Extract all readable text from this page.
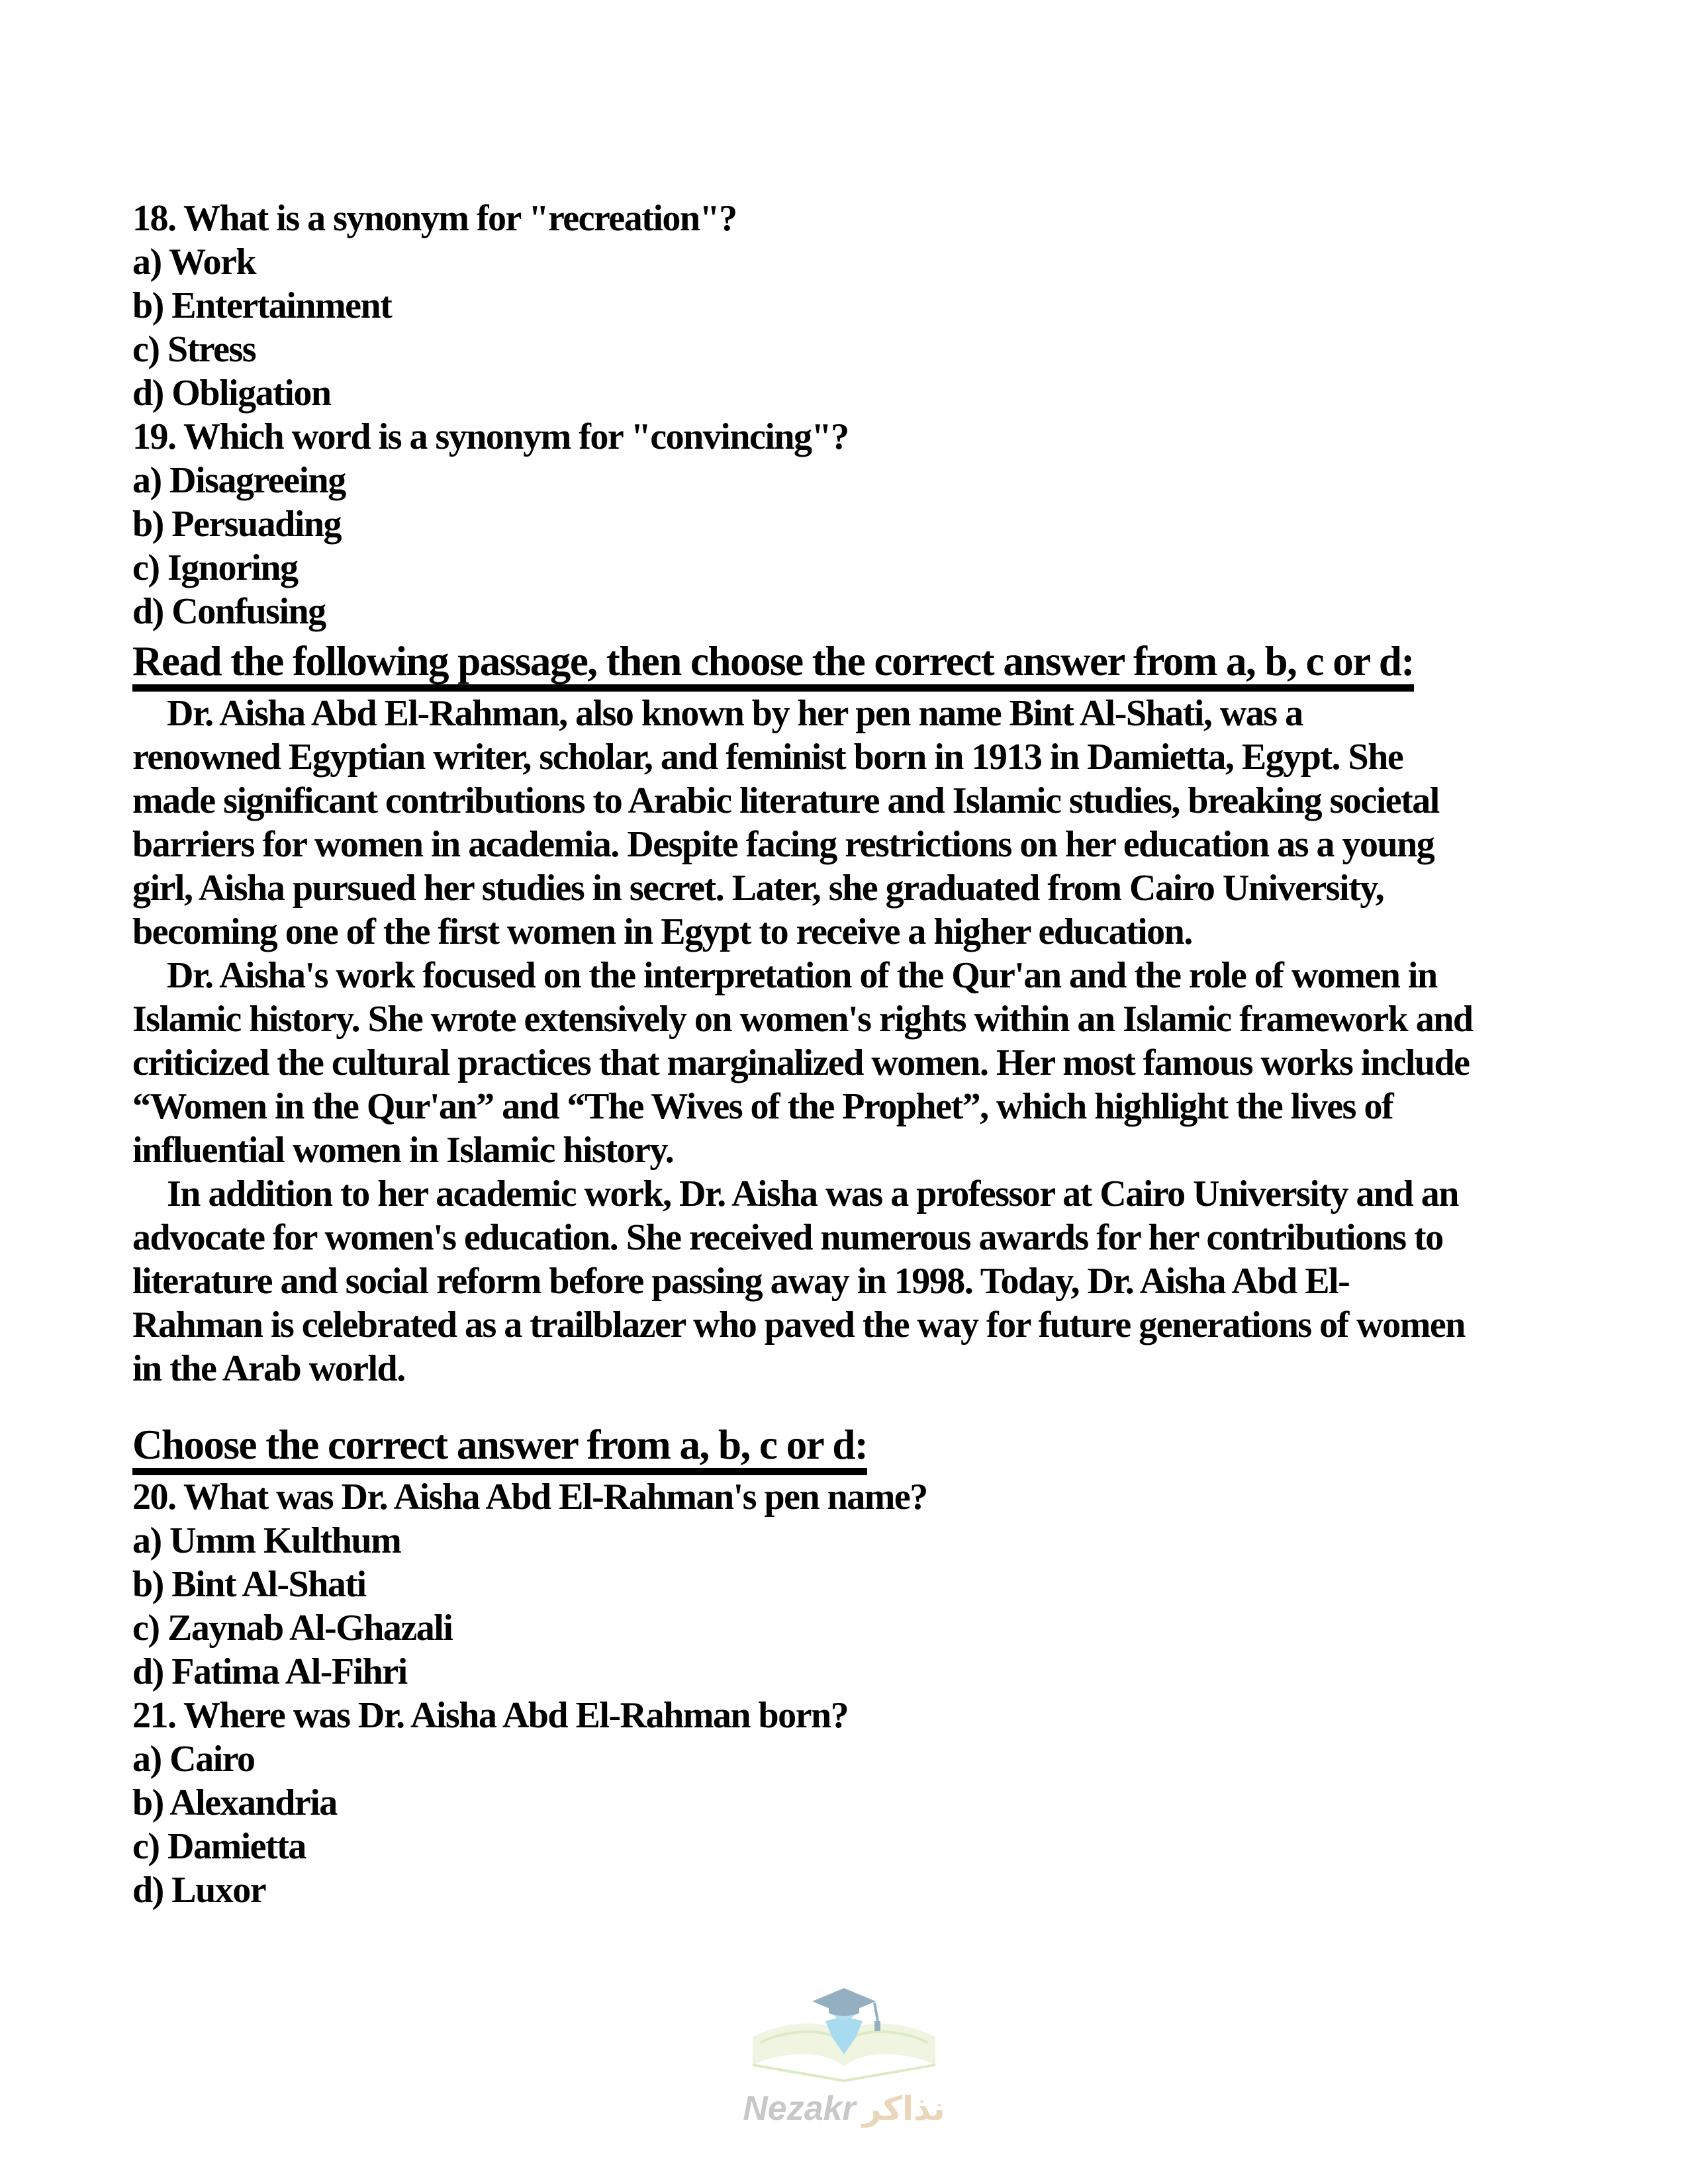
18. What is a synonym for "recreation"?
a) Work
b) Entertainment
c) Stress
d) Obligation
19. Which word is a synonym for "convincing"?
a) Disagreeing
b) Persuading
c) Ignoring
d) Confusing
Read the following passage, then choose the correct answer from a, b, c or d:
Dr. Aisha Abd El-Rahman, also known by her pen name Bint Al-Shati, was a
renowned Egyptian writer, scholar, and feminist born in 1913 in Damietta, Egypt. She
made significant contributions to Arabic literature and Islamic studies, breaking societal
barriers for women in academia. Despite facing restrictions on her education as a young
girl, Aisha pursued her studies in secret. Later, she graduated from Cairo University,
becoming one of the first women in Egypt to receive a higher education.
Dr. Aisha's work focused on the interpretation of the Qur'an and the role of women in
Islamic history. She wrote extensively on women's rights within an Islamic framework and
criticized the cultural practices that marginalized women. Her most famous works include
“Women in the Qur'an” and “The Wives of the Prophet”, which highlight the lives of
influential women in Islamic history.
In addition to her academic work, Dr. Aisha was a professor at Cairo University and an
advocate for women's education. She received numerous awards for her contributions to
literature and social reform before passing away in 1998. Today, Dr. Aisha Abd El-
Rahman is celebrated as a trailblazer who paved the way for future generations of women
in the Arab world.
Choose the correct answer from a, b, c or d:
20. What was Dr. Aisha Abd El-Rahman's pen name?
a) Umm Kulthum
b) Bint Al-Shati
c) Zaynab Al-Ghazali
d) Fatima Al-Fihri
21. Where was Dr. Aisha Abd El-Rahman born?
a) Cairo
b) Alexandria
c) Damietta
d) Luxor
Nezakr نذاكر
